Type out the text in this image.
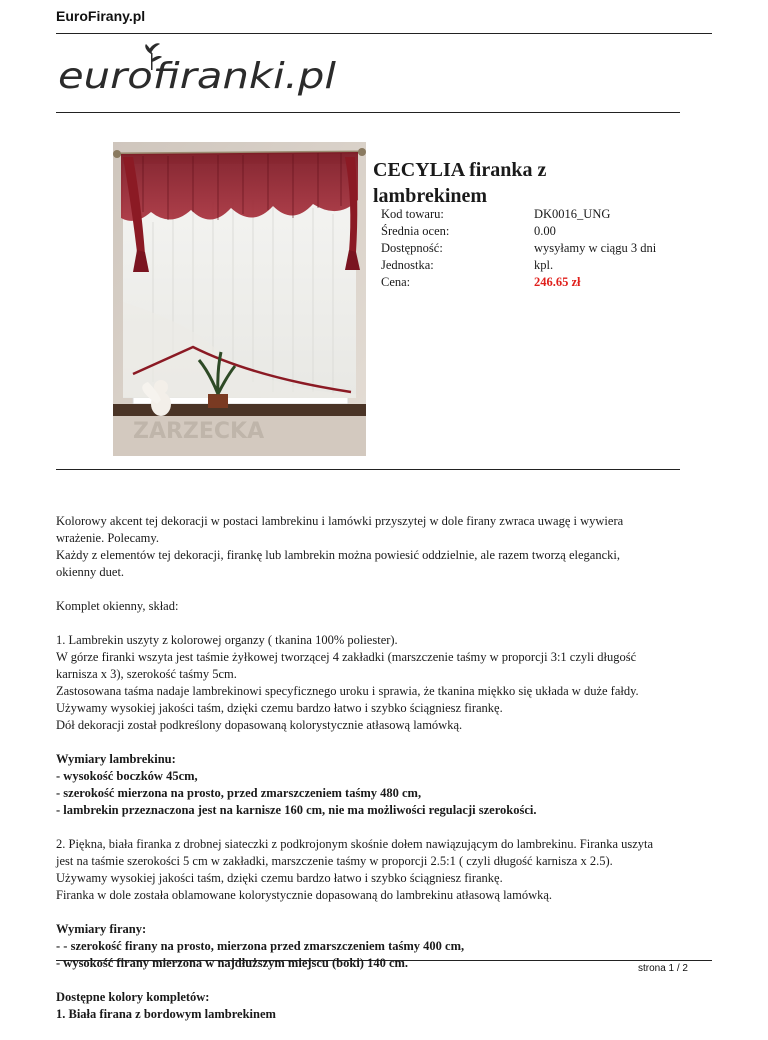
EuroFirany.pl
eurofiranki.pl
ZARZECKA
CECYLIA firanka z lambrekinem
Kod towaru:	DK0016_UNG
Średnia ocen:	0.00
Dostępność:	wysyłamy w ciągu 3 dni
Jednostka:	kpl.
Cena:	246.65 zł

Kolorowy akcent tej dekoracji w postaci lambrekinu i lamówki przyszytej w dole firany zwraca uwagę i wywiera
wrażenie. Polecamy.
Każdy z elementów tej dekoracji, firankę lub lambrekin można powiesić oddzielnie, ale razem tworzą elegancki,
okienny duet.

Komplet okienny, skład:

1. Lambrekin uszyty z kolorowej organzy ( tkanina 100% poliester).
W górze firanki wszyta jest taśmie żyłkowej tworzącej 4 zakładki (marszczenie taśmy w proporcji 3:1 czyli długość
karnisza x 3), szerokość taśmy 5cm.
Zastosowana taśma nadaje lambrekinowi specyficznego uroku i sprawia, że tkanina miękko się układa w duże fałdy.
Używamy wysokiej jakości taśm, dzięki czemu bardzo łatwo i szybko ściągniesz firankę.
Dół dekoracji został podkreślony dopasowaną kolorystycznie atłasową lamówką.

Wymiary lambrekinu:
- wysokość boczków 45cm,
- szerokość mierzona na prosto, przed zmarszczeniem taśmy 480 cm,
- lambrekin przeznaczona jest na karnisze 160 cm, nie ma możliwości regulacji szerokości.

2. Piękna, biała firanka z drobnej siateczki z podkrojonym skośnie dołem nawiązującym do lambrekinu. Firanka uszyta
jest na taśmie szerokości 5 cm w zakładki, marszczenie taśmy w proporcji 2.5:1 ( czyli długość karnisza x 2.5).
Używamy wysokiej jakości taśm, dzięki czemu bardzo łatwo i szybko ściągniesz firankę.
Firanka w dole została oblamowane kolorystycznie dopasowaną do lambrekinu atłasową lamówką.

Wymiary firany:
- - szerokość firany na prosto, mierzona przed zmarszczeniem taśmy 400 cm,
- wysokość firany mierzona w najdłuższym miejscu (boki) 140 cm.

Dostępne kolory kompletów:
1. Biała firana z bordowym lambrekinem

strona 1 / 2
